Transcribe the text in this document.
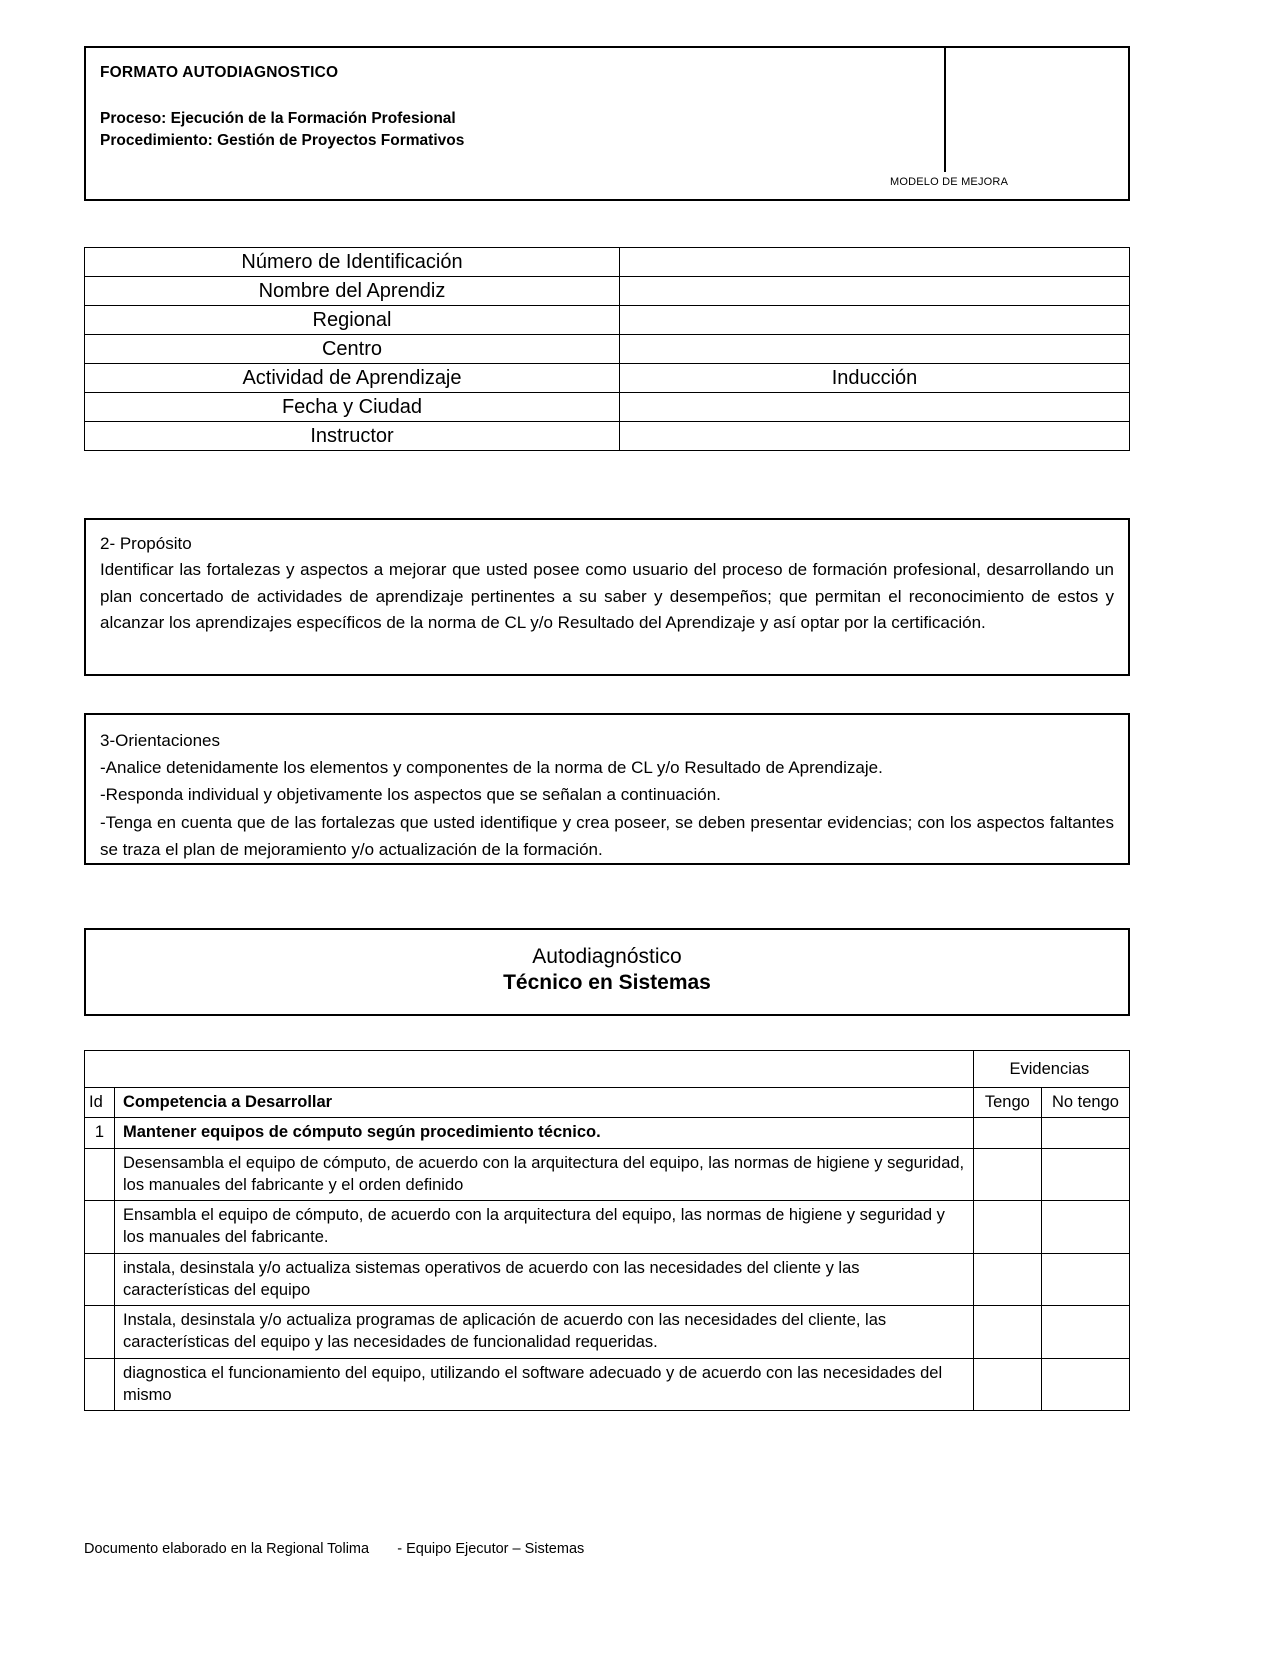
FORMATO AUTODIAGNOSTICO
Proceso: Ejecución de la Formación Profesional
Procedimiento: Gestión de Proyectos Formativos
MODELO DE MEJORA
Número de Identificación	
Nombre del Aprendiz	
Regional	
Centro	
Actividad de Aprendizaje	Inducción
Fecha y Ciudad	
Instructor	

2- Propósito

Identificar las fortalezas y aspectos a mejorar que usted posee como usuario del proceso de formación profesional, desarrollando un plan concertado de actividades de aprendizaje pertinentes a su saber y desempeños; que permitan el reconocimiento de estos y alcanzar los aprendizajes específicos de la norma de CL y/o Resultado del Aprendizaje y así optar por la certificación.

3-Orientaciones

-Analice detenidamente los elementos y componentes de la norma de CL y/o Resultado de Aprendizaje.

-Responda individual y objetivamente los aspectos que se señalan a continuación.

-Tenga en cuenta que de las fortalezas que usted identifique y crea poseer, se deben presentar evidencias; con los aspectos faltantes se traza el plan de mejoramiento y/o actualización de la formación.

Autodiagnóstico
Técnico en Sistemas
		Evidencias	
Id	Competencia a Desarrollar	Tengo	No tengo
1	Mantener equipos de cómputo según procedimiento técnico.		
	Desensambla el equipo de cómputo, de acuerdo con la arquitectura del equipo, las normas de higiene y seguridad, los manuales del fabricante y el orden definido		
	Ensambla el equipo de cómputo, de acuerdo con la arquitectura del equipo, las normas de higiene y seguridad y los manuales del fabricante.		
	instala, desinstala y/o actualiza sistemas operativos de acuerdo con las necesidades del cliente y las características del equipo		
	Instala, desinstala y/o actualiza programas de aplicación de acuerdo con las necesidades del cliente, las características del equipo y las necesidades de funcionalidad requeridas.		
	diagnostica el funcionamiento del equipo, utilizando el software adecuado y de acuerdo con las necesidades del mismo		
Documento elaborado en la Regional Tolima       - Equipo Ejecutor – Sistemas
